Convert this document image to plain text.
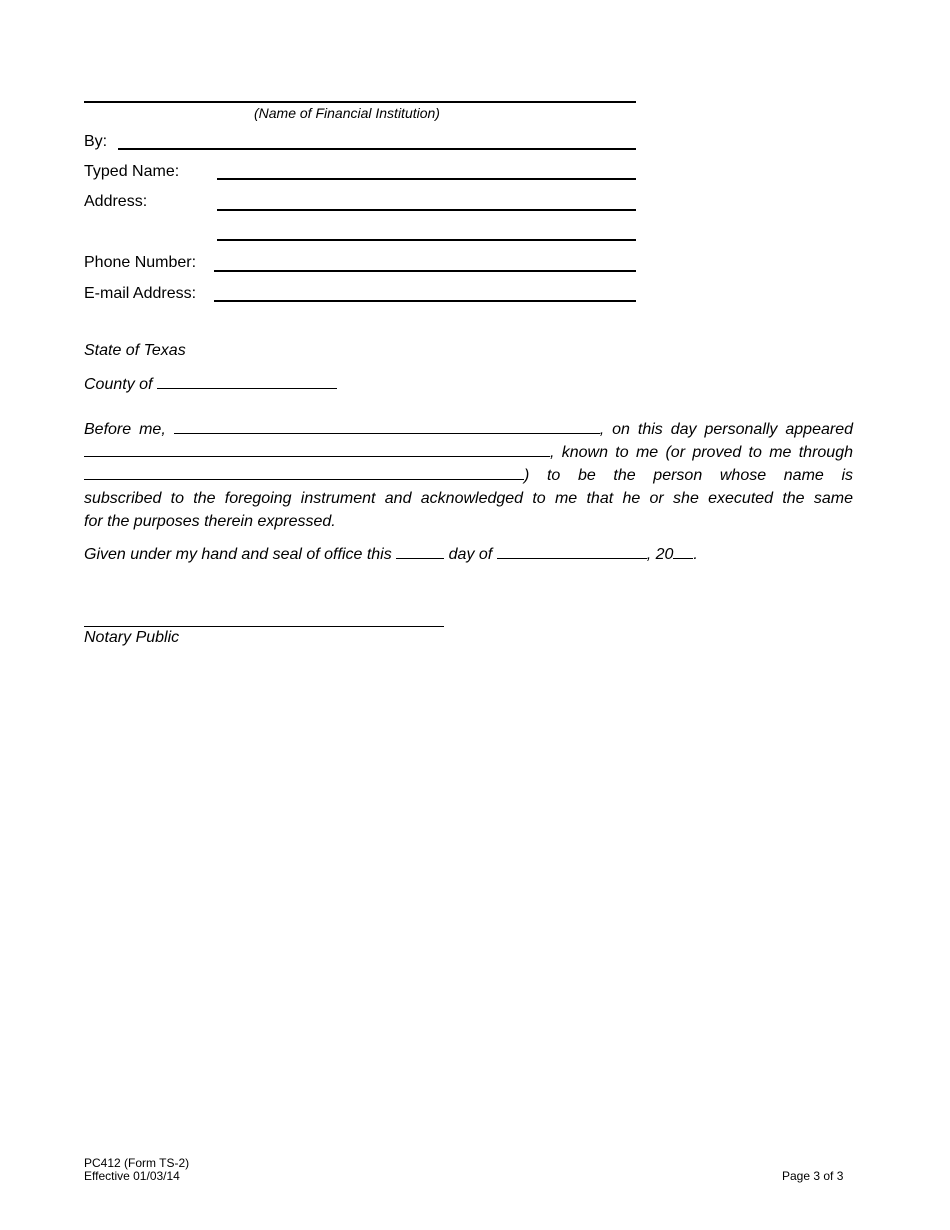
(Name of Financial Institution)
By:
Typed Name:
Address:
Phone Number:
E-mail Address:
State of Texas
County of
Before me,	, on this day personally appeared
, known to me (or proved to me through
) to be the person whose name is
subscribed to the foregoing instrument and acknowledged to me that he or she executed the same
for the purposes therein expressed.
Given under my hand and seal of office this	day of	, 20 .
Notary Public
PC412 (Form TS-2)
Effective 01/03/14	Page 3 of 3
